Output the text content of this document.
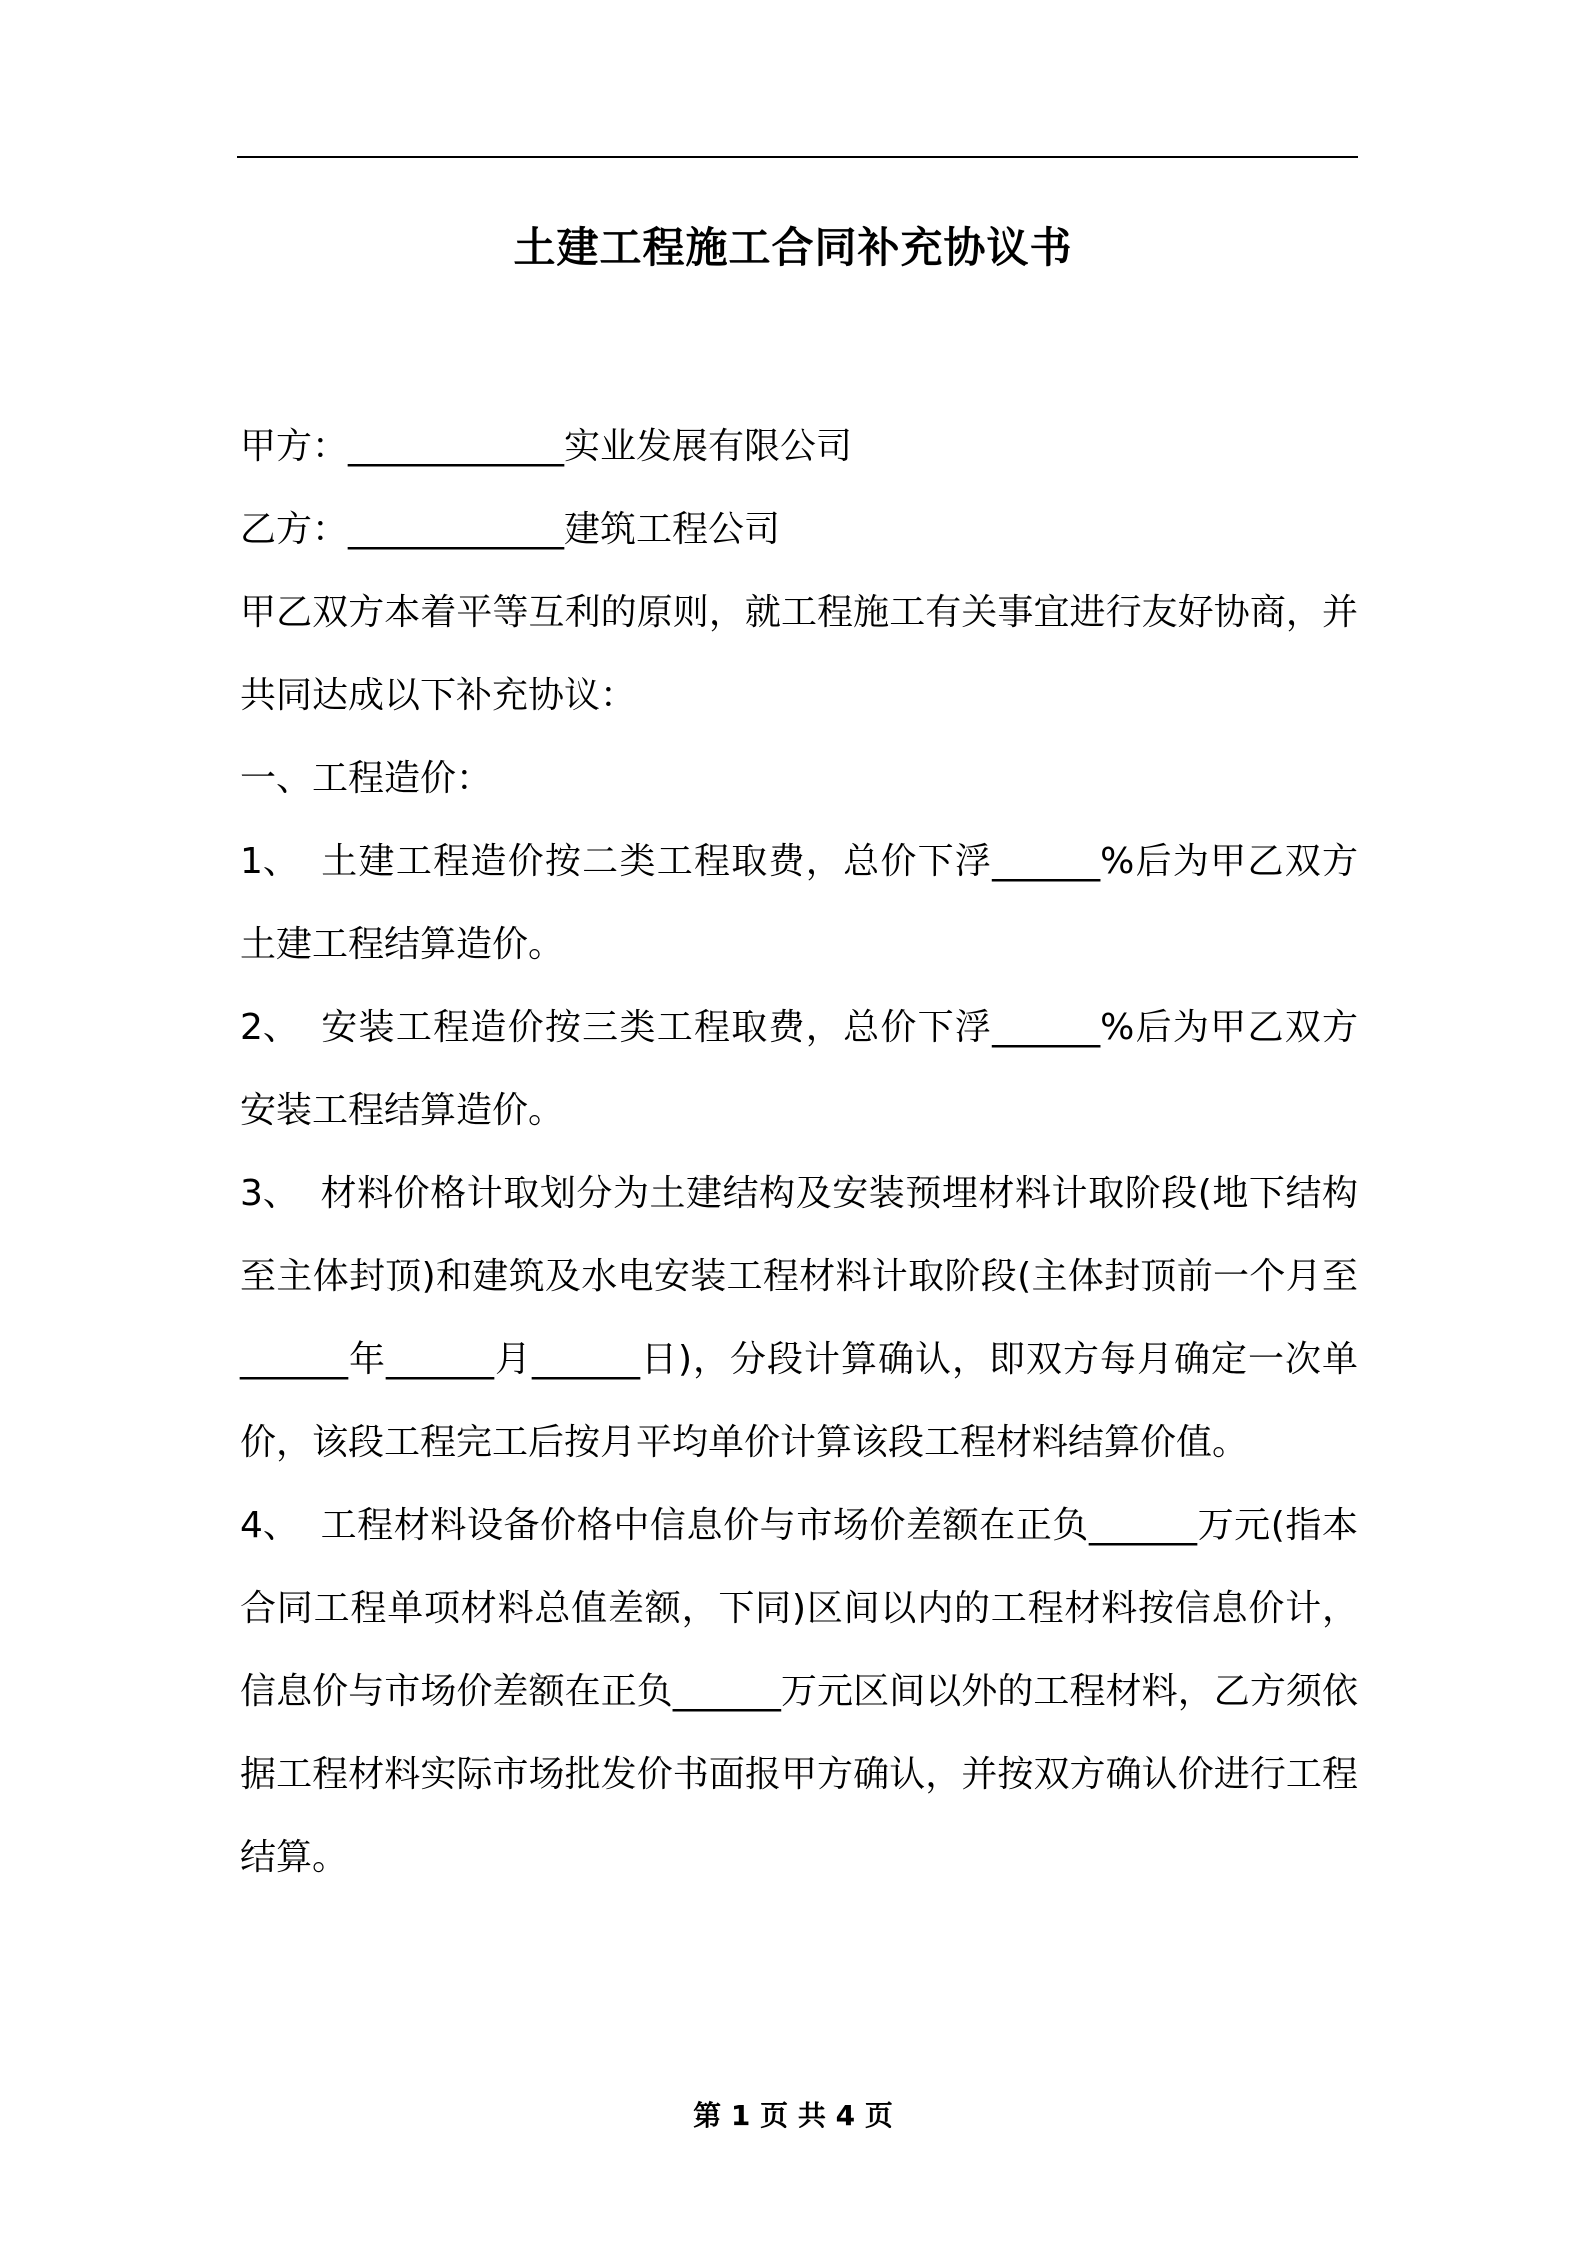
土建工程施工合同补充协议书

甲方：____________实业发展有限公司

乙方：____________建筑工程公司

甲乙双方本着平等互利的原则，就工程施工有关事宜进行友好协商，并共同达成以下补充协议：

一、工程造价：

1、 土建工程造价按二类工程取费，总价下浮______%后为甲乙双方土建工程结算造价。

2、 安装工程造价按三类工程取费，总价下浮______%后为甲乙双方安装工程结算造价。

3、 材料价格计取划分为土建结构及安装预埋材料计取阶段(地下结构至主体封顶)和建筑及水电安装工程材料计取阶段(主体封顶前一个月至______年______月______日)，分段计算确认，即双方每月确定一次单价，该段工程完工后按月平均单价计算该段工程材料结算价值。

4、 工程材料设备价格中信息价与市场价差额在正负______万元(指本合同工程单项材料总值差额，下同)区间以内的工程材料按信息价计，信息价与市场价差额在正负______万元区间以外的工程材料，乙方须依据工程材料实际市场批发价书面报甲方确认，并按双方确认价进行工程结算。

第 1 页 共 4 页
